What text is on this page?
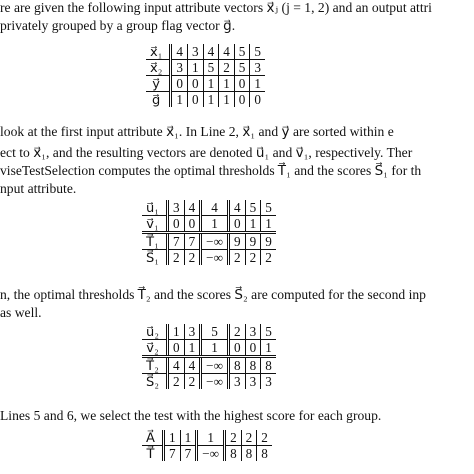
re are given the following input attribute vectors x⃗ⱼ (j = 1, 2) and an output attri
privately grouped by a group flag vector g⃗.
x⃗₁	4	3	4	4	5	5
x⃗₂	3	1	5	2	5	3
y⃗	0	0	1	1	0	1
g⃗	1	0	1	1	0	0
look at the first input attribute x⃗₁. In Line 2, x⃗₁ and y⃗ are sorted within e
ect to x⃗₁, and the resulting vectors are denoted u⃗₁ and v⃗₁, respectively. Ther
viseTestSelection computes the optimal thresholds T⃗₁ and the scores S⃗₁ for th
nput attribute.
u⃗₁	3	4	4	4	5	5
v⃗₁	0	0	1	0	1	1
T⃗₁	7	7	−∞	9	9	9
S⃗₁	2	2	−∞	2	2	2
n, the optimal thresholds T⃗₂ and the scores S⃗₂ are computed for the second inp
as well.
u⃗₂	1	3	5	2	3	5
v⃗₂	0	1	1	0	0	1
T⃗₂	4	4	−∞	8	8	8
S⃗₂	2	2	−∞	3	3	3
Lines 5 and 6, we select the test with the highest score for each group.
A⃗	1	1	1	2	2	2
T⃗	7	7	−∞	8	8	8
